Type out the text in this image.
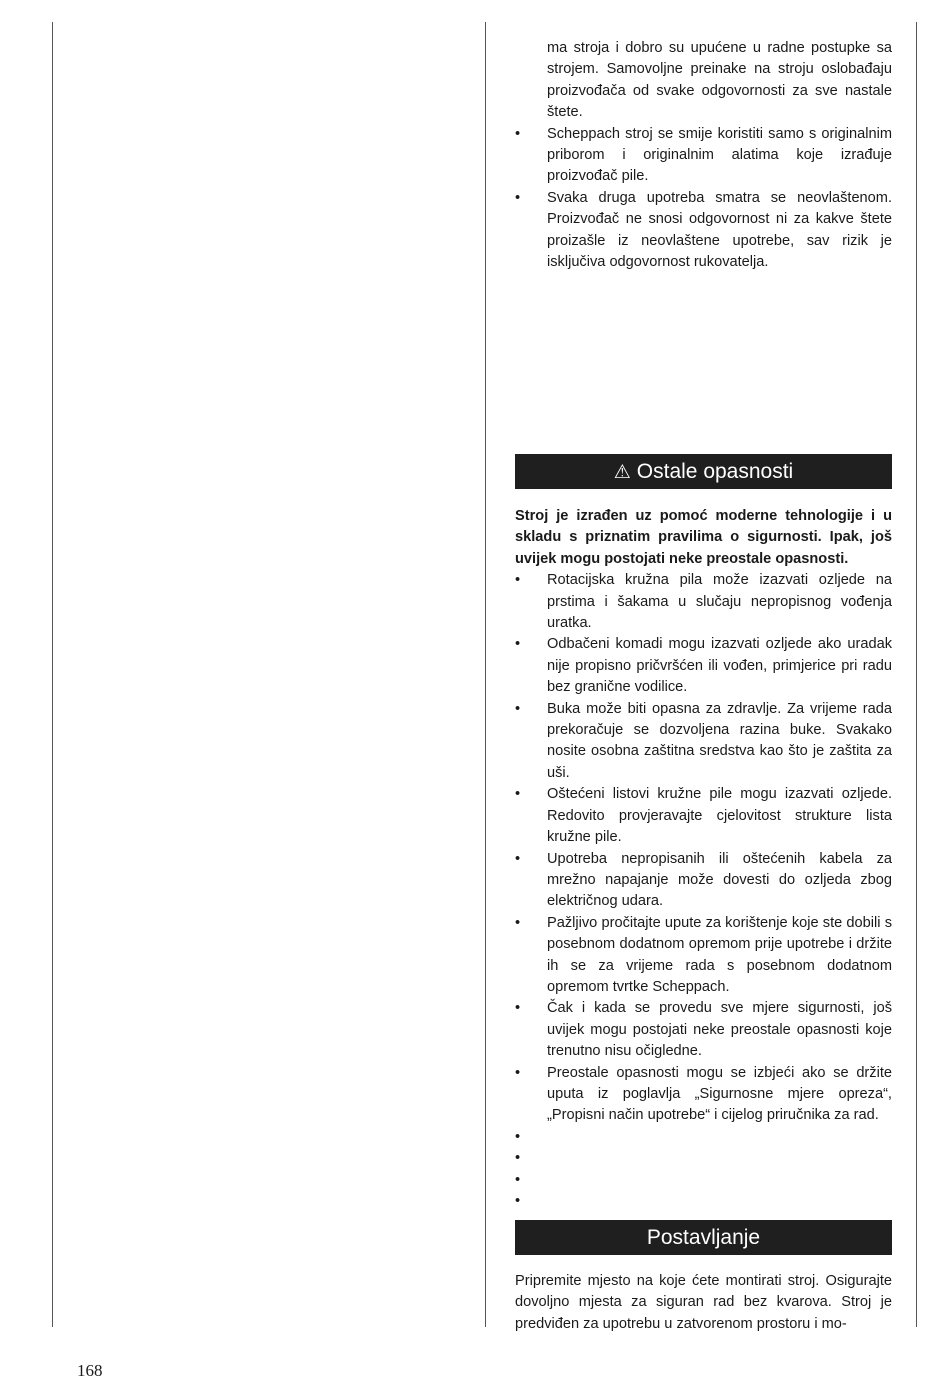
ma stroja i dobro su upućene u radne postupke sa strojem. Samovoljne preinake na stroju oslobađaju proizvođača od svake odgovornosti za sve nastale štete.
• Scheppach stroj se smije koristiti samo s originalnim priborom i originalnim alatima koje izrađuje proizvođač pile.
• Svaka druga upotreba smatra se neovlaštenom. Proizvođač ne snosi odgovornost ni za kakve štete proizašle iz neovlaštene upotrebe, sav rizik je isključiva odgovornost rukovatelja.
⚠ Ostale opasnosti
Stroj je izrađen uz pomoć moderne tehnologije i u skladu s priznatim pravilima o sigurnosti. Ipak, još uvijek mogu postojati neke preostale opasnosti.
• Rotacijska kružna pila može izazvati ozljede na prstima i šakama u slučaju nepropisnog vođenja uratka.
• Odbačeni komadi mogu izazvati ozljede ako uradak nije propisno pričvršćen ili vođen, primjerice pri radu bez granične vodilice.
• Buka može biti opasna za zdravlje. Za vrijeme rada prekoračuje se dozvoljena razina buke. Svakako nosite osobna zaštitna sredstva kao što je zaštita za uši.
• Oštećeni listovi kružne pile mogu izazvati ozljede. Redovito provjeravajte cjelovitost strukture lista kružne pile.
• Upotreba nepropisanih ili oštećenih kabela za mrežno napajanje može dovesti do ozljeda zbog električnog udara.
• Pažljivo pročitajte upute za korištenje koje ste dobili s posebnom dodatnom opremom prije upotrebe i držite ih se za vrijeme rada s posebnom dodatnom opremom tvrtke Scheppach.
• Čak i kada se provedu sve mjere sigurnosti, još uvijek mogu postojati neke preostale opasnosti koje trenutno nisu očigledne.
• Preostale opasnosti mogu se izbjeći ako se držite uputa iz poglavlja „Sigurnosne mjere opreza“, „Propisni način upotrebe“ i cijelog priručnika za rad.
•

•

•

•

Postavljanje
Pripremite mjesto na koje ćete montirati stroj. Osigurajte dovoljno mjesta za siguran rad bez kvarova. Stroj je predviđen za upotrebu u zatvorenom prostoru i mo-
168
